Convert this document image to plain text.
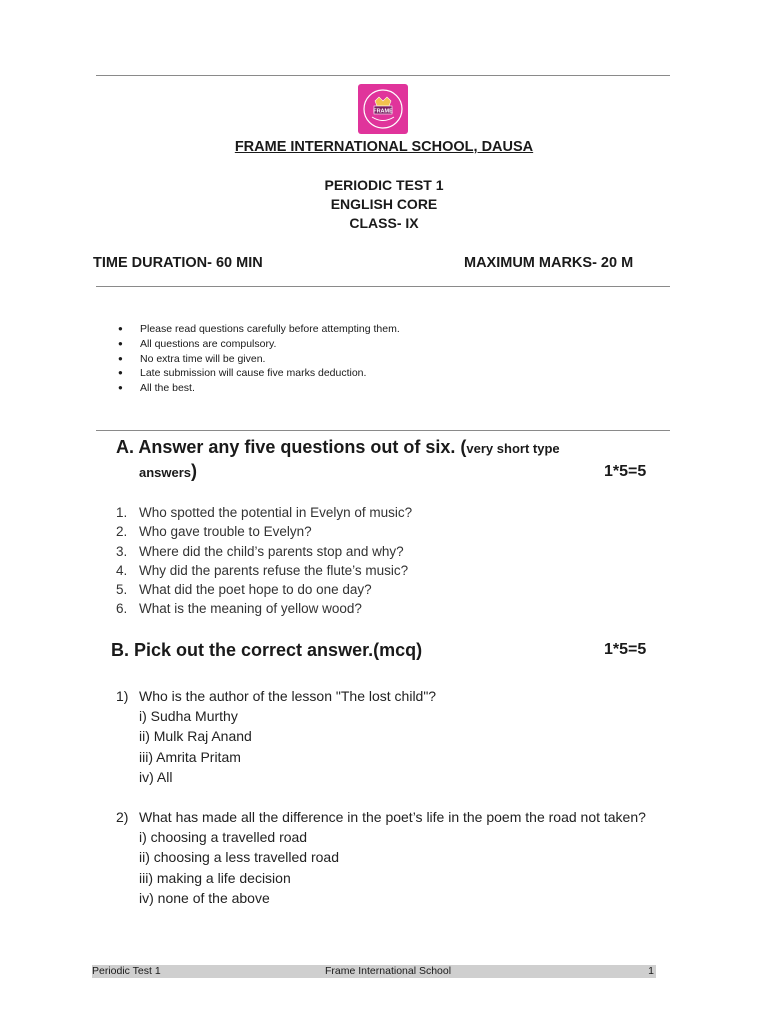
FRAME
FRAME INTERNATIONAL SCHOOL, DAUSA
PERIODIC TEST 1
ENGLISH CORE
CLASS- IX
TIME DURATION- 60 MIN	MAXIMUM MARKS- 20 M
● Please read questions carefully before attempting them.
● All questions are compulsory.
● No extra time will be given.
● Late submission will cause five marks deduction.
● All the best.
A. Answer any five questions out of six. (very short type
answers)	1*5=5
1. Who spotted the potential in Evelyn of music?
2. Who gave trouble to Evelyn?
3. Where did the child’s parents stop and why?
4. Why did the parents refuse the flute’s music?
5. What did the poet hope to do one day?
6. What is the meaning of yellow wood?
B. Pick out the correct answer.(mcq)	1*5=5
1) Who is the author of the lesson "The lost child"?
i) Sudha Murthy
ii) Mulk Raj Anand
iii) Amrita Pritam
iv) All
2) What has made all the difference in the poet’s life in the poem the road not taken?
i) choosing a travelled road
ii) choosing a less travelled road
iii) making a life decision
iv) none of the above
Periodic Test 1	Frame International School	1
